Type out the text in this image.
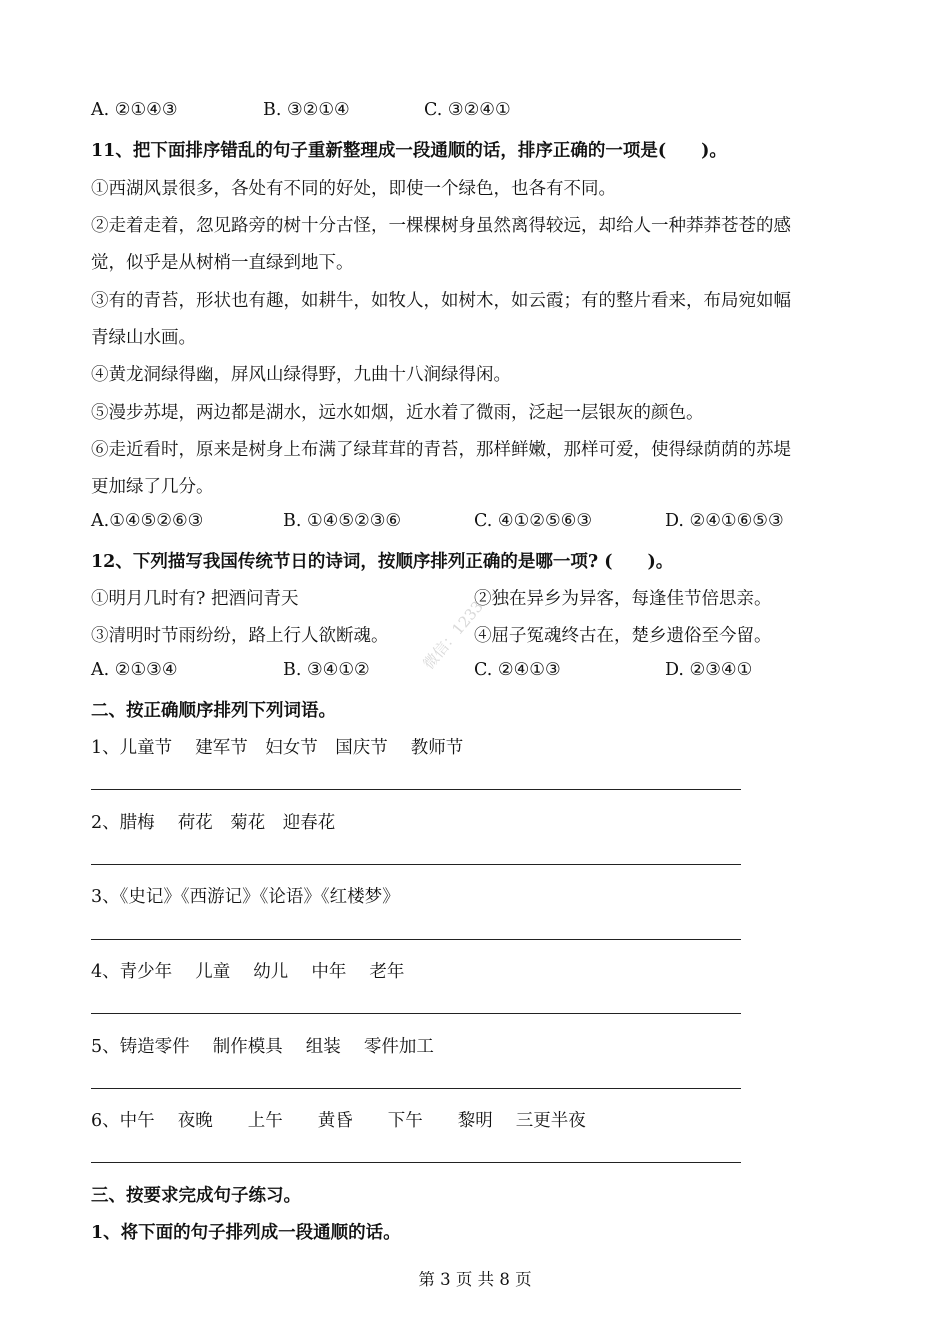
A. ②①④③	B. ③②①④	C. ③②④①
11、把下面排序错乱的句子重新整理成一段通顺的话，排序正确的一项是(　　)。
①西湖风景很多，各处有不同的好处，即使一个绿色，也各有不同。
②走着走着，忽见路旁的树十分古怪，一棵棵树身虽然离得较远，却给人一种莽莽苍苍的感
觉，似乎是从树梢一直绿到地下。
③有的青苔，形状也有趣，如耕牛，如牧人，如树木，如云霞；有的整片看来，布局宛如幅
青绿山水画。
④黄龙洞绿得幽，屏风山绿得野，九曲十八涧绿得闲。
⑤漫步苏堤，两边都是湖水，远水如烟，近水着了微雨，泛起一层银灰的颜色。
⑥走近看时，原来是树身上布满了绿茸茸的青苔，那样鲜嫩，那样可爱，使得绿荫荫的苏堤
更加绿了几分。
A.①④⑤②⑥③	B. ①④⑤②③⑥	C. ④①②⑤⑥③	D. ②④①⑥⑤③
12、下列描写我国传统节日的诗词，按顺序排列正确的是哪一项? (　　)。
①明月几时有? 把酒问青天	②独在异乡为异客，每逢佳节倍思亲。
③清明时节雨纷纷，路上行人欲断魂。	④屈子冤魂终古在，楚乡遗俗至今留。
A. ②①③④	B. ③④①②	C. ②④①③	D. ②③④①
二、按正确顺序排列下列词语。
1、儿童节　 建军节　妇女节　国庆节　 教师节
2、腊梅　 荷花　菊花　迎春花
3、《史记》《西游记》《论语》《红楼梦》
4、青少年　 儿童　 幼儿　 中年　 老年
5、铸造零件　 制作模具　 组装　 零件加工
6、中午　 夜晚　　上午　　黄昏　　下午　　黎明　 三更半夜
三、按要求完成句子练习。
1、将下面的句子排列成一段通顺的话。
微信：1233
第 3 页 共 8 页
